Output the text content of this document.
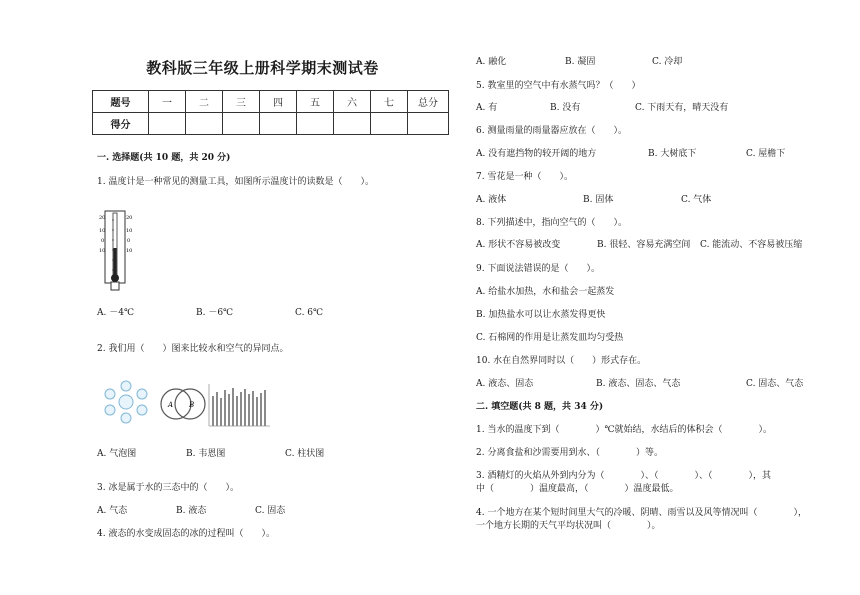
教科版三年级上册科学期末测试卷
题号	一	二	三	四	五	六	七	总分
得分								
一. 选择题(共 10 题，共 20 分)
1. 温度计是一种常见的测量工具，如图所示温度计的读数是（　　）。
20
10
0
10
20
10
0
10
A. －4℃	B. －6℃	C. 6℃
2. 我们用（　　）图来比较水和空气的异同点。
A B
A. 气泡图	B. 韦恩图	C. 柱状图
3. 冰是属于水的三态中的（　　）。
A. 气态	B. 液态	C. 固态
4. 液态的水变成固态的冰的过程叫（　　）。
A. 融化	B. 凝固	C. 冷却
5. 教室里的空气中有水蒸气吗？（　　）
A. 有	B. 没有	C. 下雨天有，晴天没有
6. 测量雨量的雨量器应放在（　　）。
A. 没有遮挡物的较开阔的地方	B. 大树底下	C. 屋檐下
7. 雪花是一种（　　）。
A. 液体	B. 固体	C. 气体
8. 下列描述中，指向空气的（　　）。
A. 形状不容易被改变	B. 很轻、容易充满空间 C. 能流动、不容易被压缩
9. 下面说法错误的是（　　）。
A. 给盐水加热，水和盐会一起蒸发
B. 加热盐水可以让水蒸发得更快
C. 石棉网的作用是让蒸发皿均匀受热
10. 水在自然界同时以（　　）形式存在。
A. 液态、固态	B. 液态、固态、气态	C. 固态、气态
二. 填空题(共 8 题，共 34 分)
1. 当水的温度下到（　　　　）℃就始结，水结后的体积会（　　　　）。
2. 分离食盐和沙需要用到水、（　　　　）等。
3. 酒精灯的火焰从外到内分为（　　　　）、（　　　　）、（　　　　），其
中（　　　　）温度最高，（　　　　）温度最低。
4. 一个地方在某个短时间里大气的冷暖、阴晴、雨雪以及风等情况叫（　　　　），
一个地方长期的天气平均状况叫（　　　　）。
